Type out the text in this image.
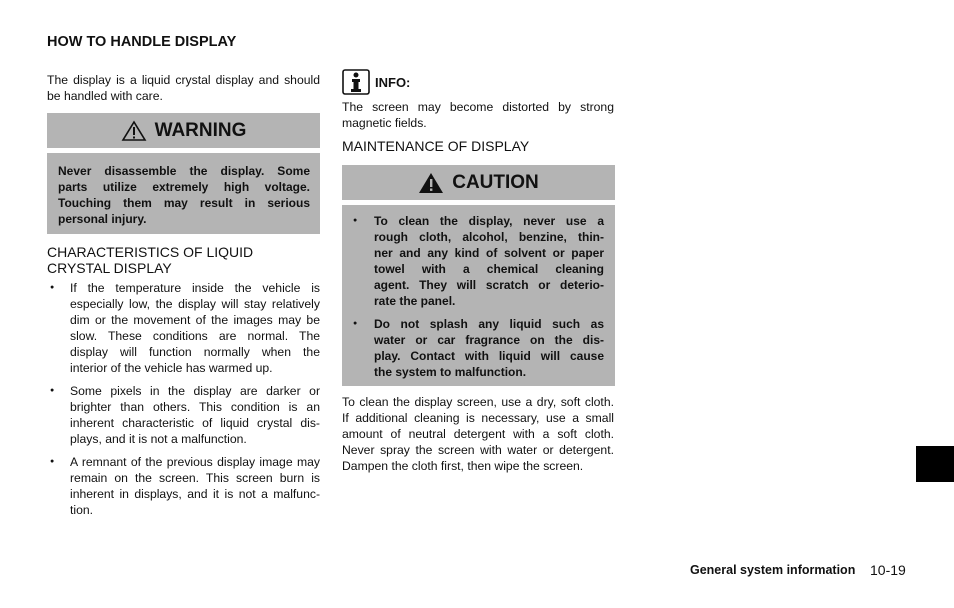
HOW TO HANDLE DISPLAY
The display is a liquid crystal display and should
be handled with care.
WARNING
Never disassemble the display. Some
parts utilize extremely high voltage.
Touching them may result in serious
personal injury.
CHARACTERISTICS OF LIQUID
CRYSTAL DISPLAY
INFO:
The screen may become distorted by strong
magnetic fields.
MAINTENANCE OF DISPLAY
CAUTION
To clean the display screen, use a dry, soft cloth.
If additional cleaning is necessary, use a small
amount of neutral detergent with a soft cloth.
Never spray the screen with water or detergent.
Dampen the cloth first, then wipe the screen.
General system information 10-19
● If the temperature inside the vehicle is
especially low, the display will stay relatively
dim or the movement of the images may be
slow. These conditions are normal. The
display will function normally when the
interior of the vehicle has warmed up.
● Some pixels in the display are darker or
brighter than others. This condition is an
inherent characteristic of liquid crystal dis-
plays, and it is not a malfunction.
● A remnant of the previous display image may
remain on the screen. This screen burn is
inherent in displays, and it is not a malfunc-
tion.
● To clean the display, never use a
rough cloth, alcohol, benzine, thin-
ner and any kind of solvent or paper
towel with a chemical cleaning
agent. They will scratch or deterio-
rate the panel.
● Do not splash any liquid such as
water or car fragrance on the dis-
play. Contact with liquid will cause
the system to malfunction.
